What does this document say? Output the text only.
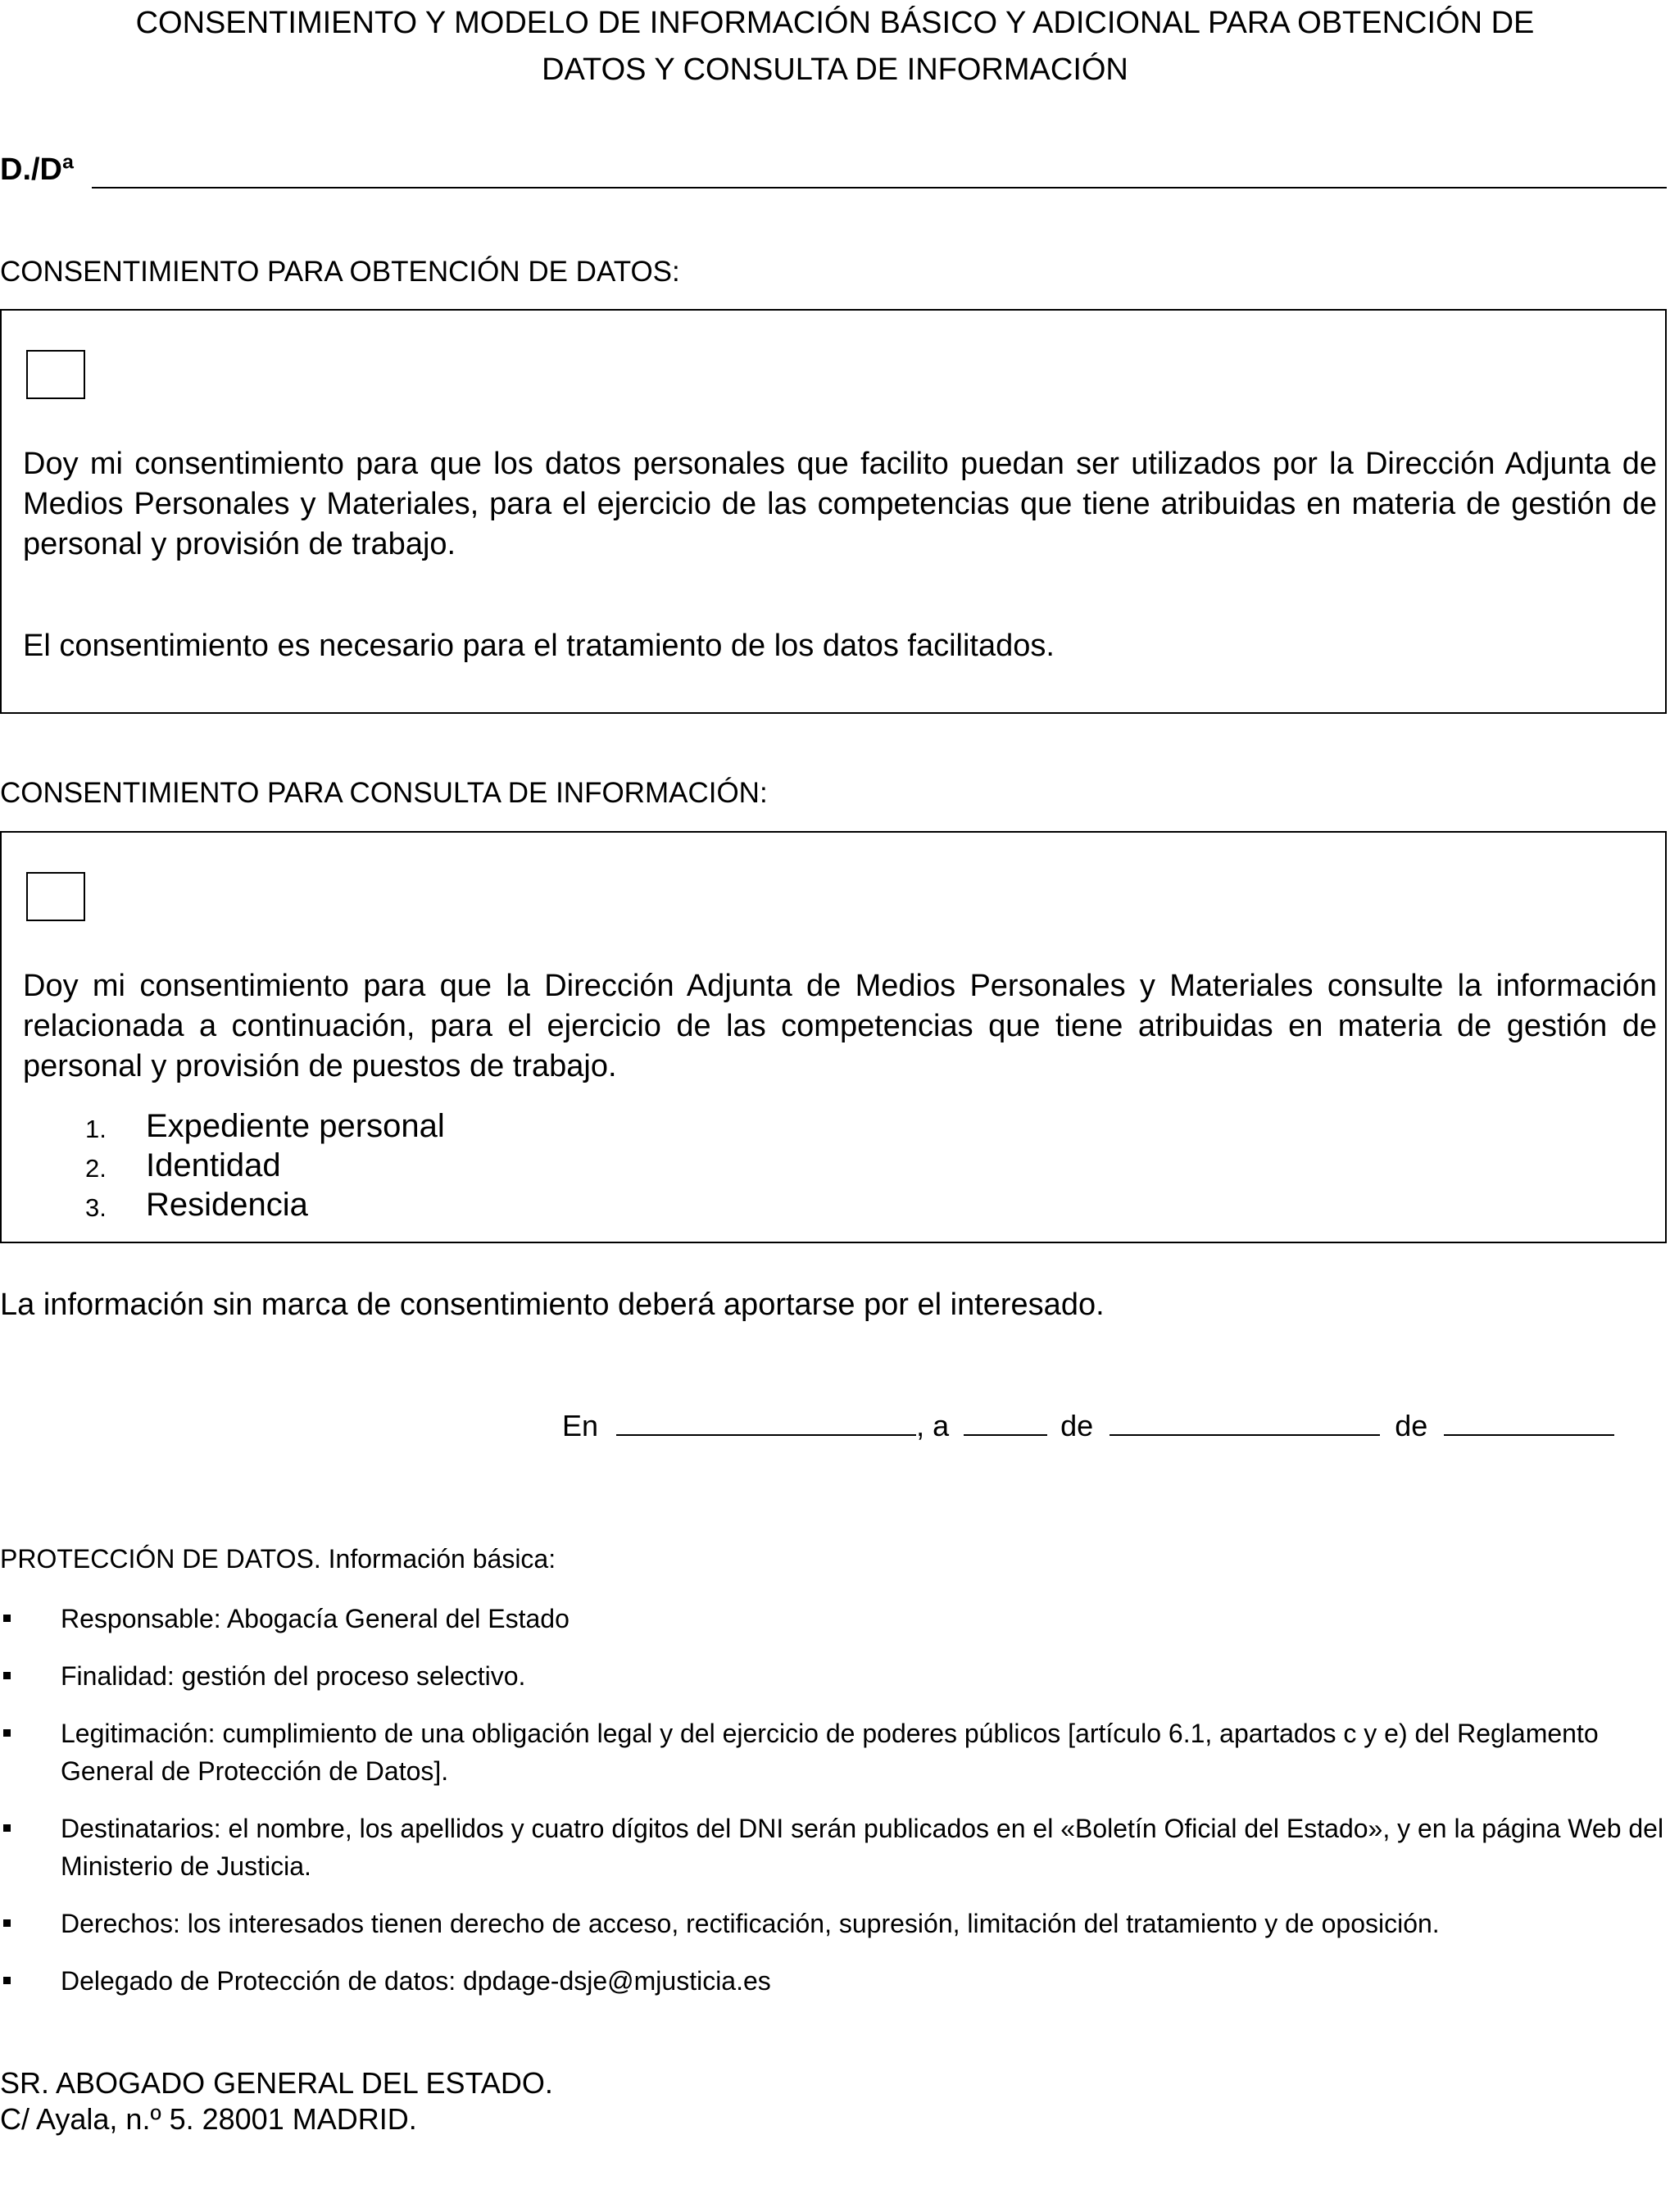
CONSENTIMIENTO Y MODELO DE INFORMACIÓN BÁSICO Y ADICIONAL PARA OBTENCIÓN DE
DATOS Y CONSULTA DE INFORMACIÓN
D./Dª
CONSENTIMIENTO PARA OBTENCIÓN DE DATOS:
Doy mi consentimiento para que los datos personales que facilito puedan ser utilizados por la Dirección Adjunta de Medios Personales y Materiales, para el ejercicio de las competencias que tiene atribuidas en materia de gestión de personal y provisión de trabajo.
El consentimiento es necesario para el tratamiento de los datos facilitados.
CONSENTIMIENTO PARA CONSULTA DE INFORMACIÓN:
Doy mi consentimiento para que la Dirección Adjunta de Medios Personales y Materiales consulte la información relacionada a continuación, para el ejercicio de las competencias que tiene atribuidas en materia de gestión de personal y provisión de puestos de trabajo.
1. Expediente personal
2. Identidad
3. Residencia
La información sin marca de consentimiento deberá aportarse por el interesado.
En	, a	de	de
PROTECCIÓN DE DATOS. Información básica:
Responsable: Abogacía General del Estado
Finalidad: gestión del proceso selectivo.
Legitimación: cumplimiento de una obligación legal y del ejercicio de poderes públicos [artículo 6.1, apartados c y e) del Reglamento General de Protección de Datos].
Destinatarios: el nombre, los apellidos y cuatro dígitos del DNI serán publicados en el «Boletín Oficial del Estado», y en la página Web del Ministerio de Justicia.
Derechos: los interesados tienen derecho de acceso, rectificación, supresión, limitación del tratamiento y de oposición.
Delegado de Protección de datos: dpdage-dsje@mjusticia.es
SR. ABOGADO GENERAL DEL ESTADO.
C/ Ayala, n.º 5. 28001 MADRID.
